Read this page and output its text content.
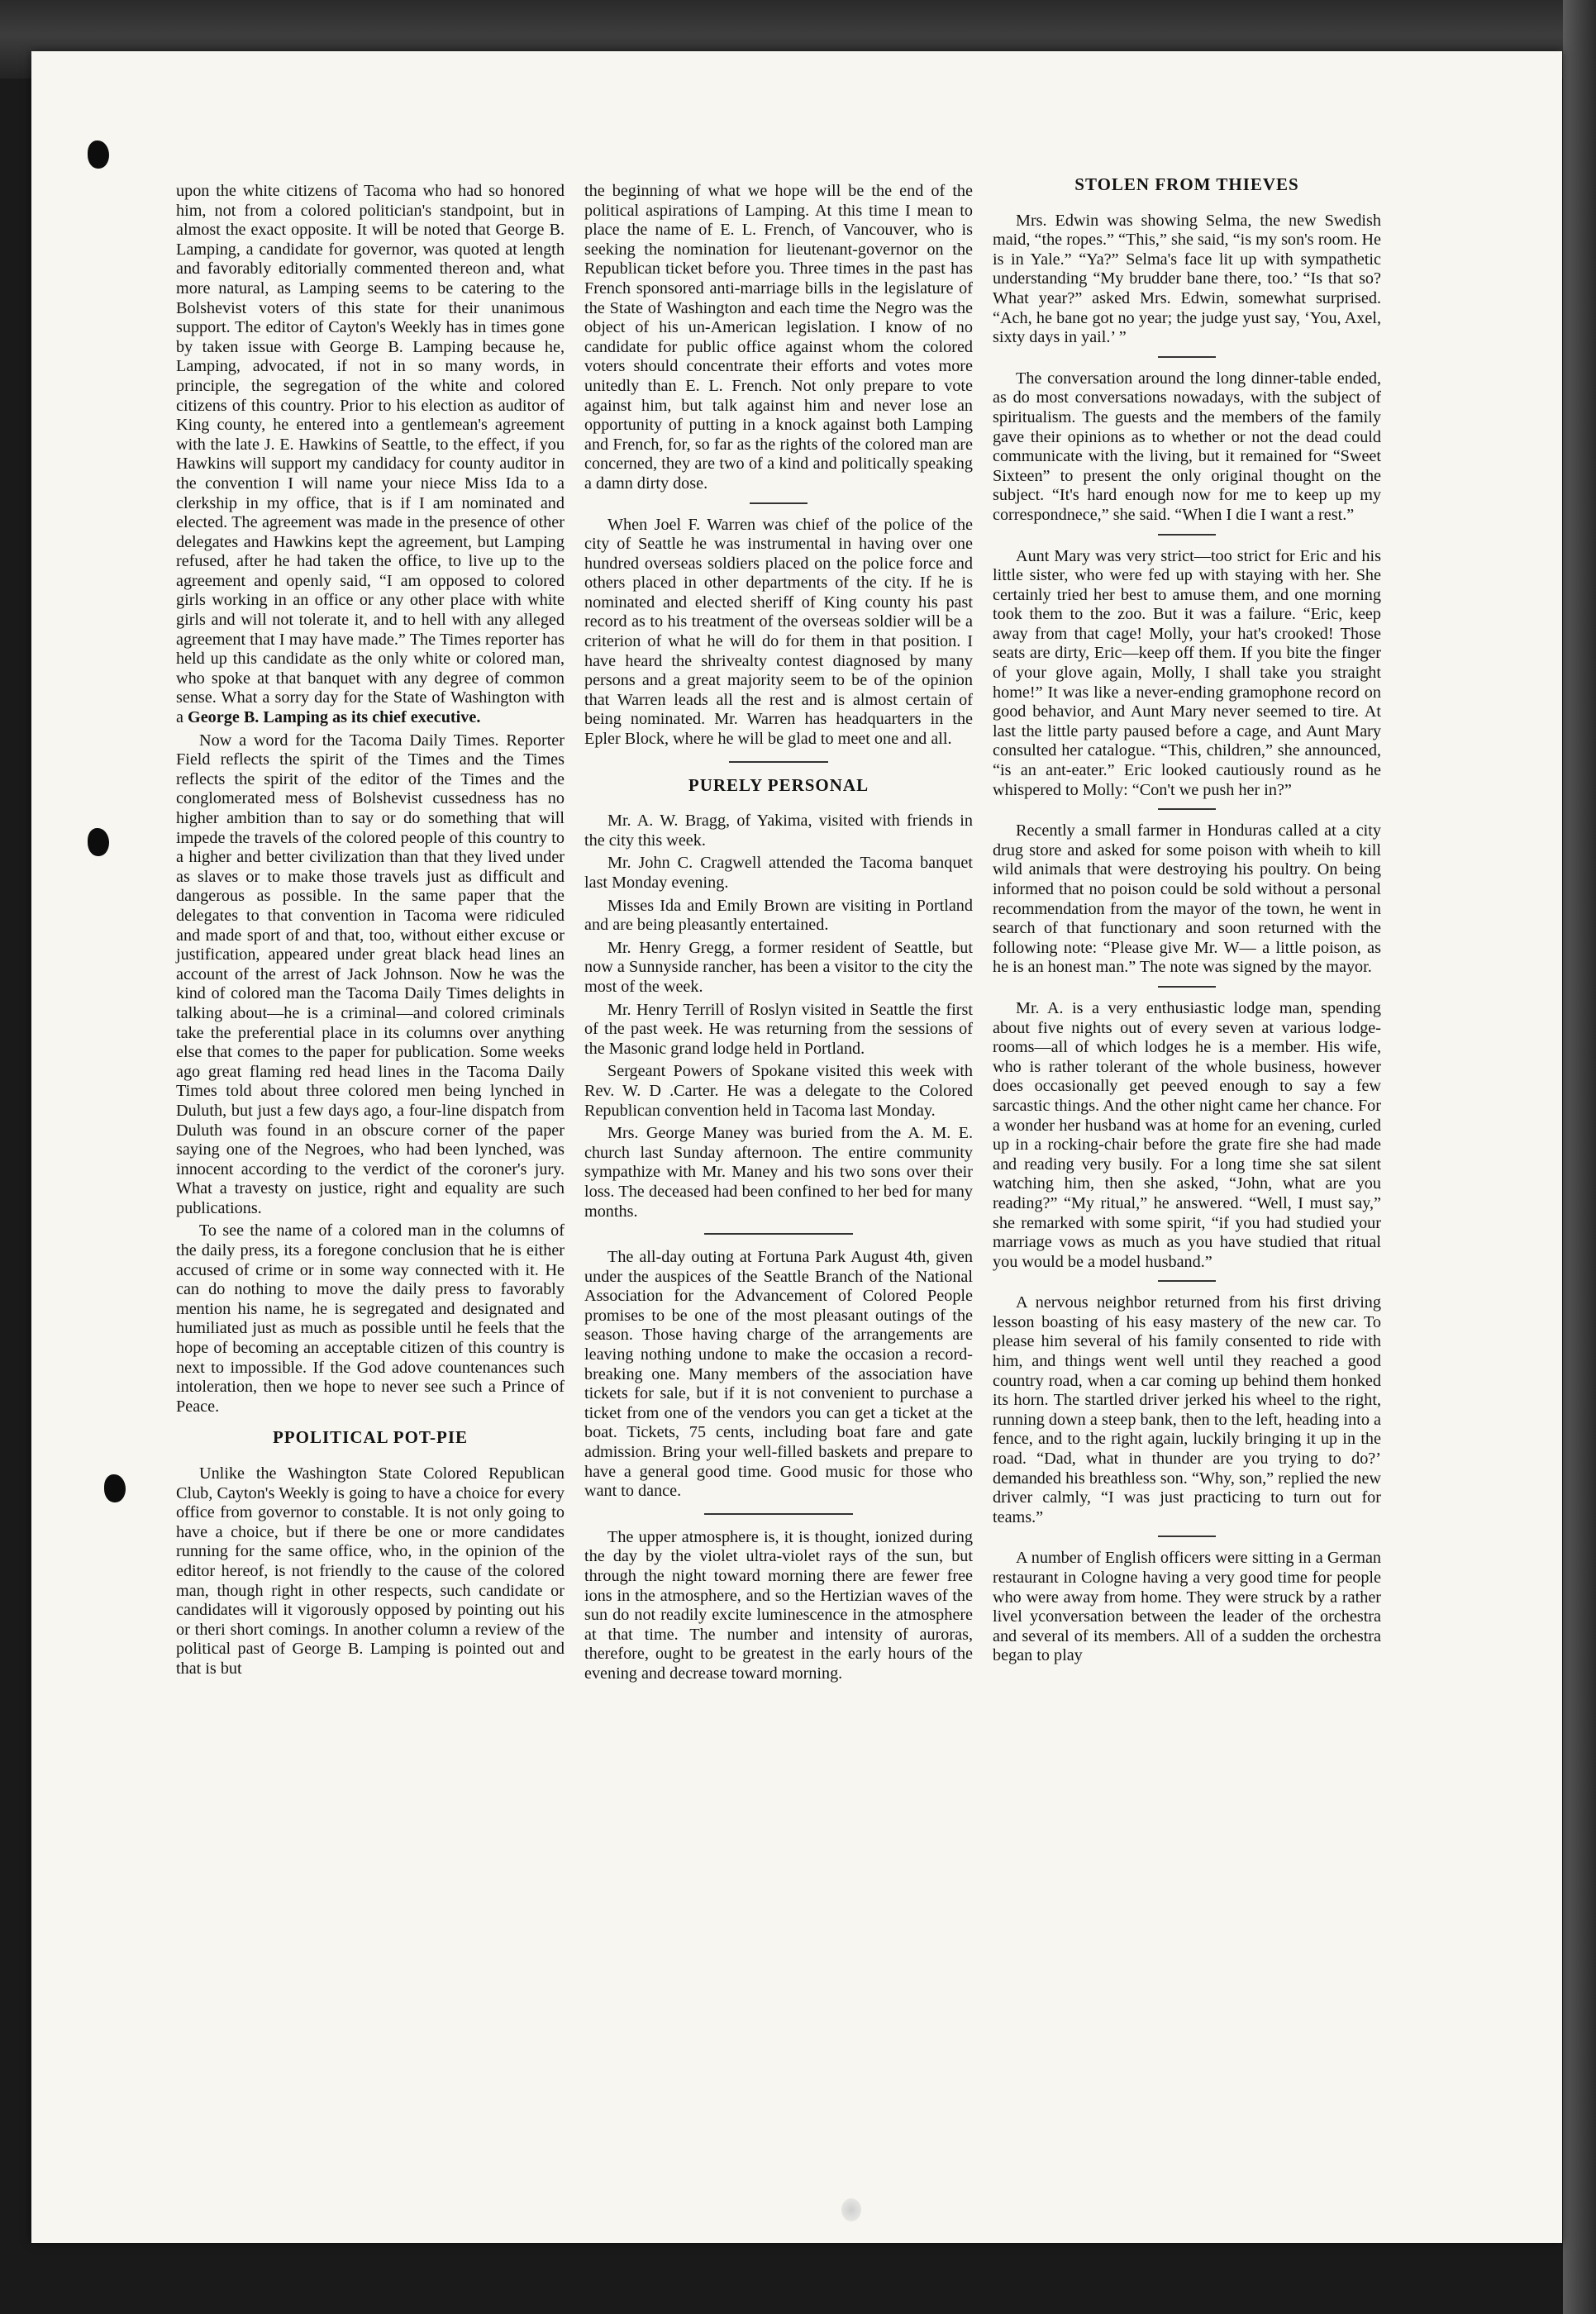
upon the white citizens of Tacoma who had so honored him, not from a colored politician's standpoint, but in almost the exact opposite. It will be noted that George B. Lamping, a candidate for governor, was quoted at length and favorably editorially commented thereon and, what more natural, as Lamping seems to be catering to the Bolshevist voters of this state for their unanimous support. The editor of Cayton's Weekly has in times gone by taken issue with George B. Lamping because he, Lamping, advocated, if not in so many words, in principle, the segregation of the white and colored citizens of this country. Prior to his election as auditor of King county, he entered into a gentlemean's agreement with the late J. E. Hawkins of Seattle, to the effect, if you Hawkins will support my candidacy for county auditor in the convention I will name your niece Miss Ida to a clerkship in my office, that is if I am nominated and elected. The agreement was made in the presence of other delegates and Hawkins kept the agreement, but Lamping refused, after he had taken the office, to live up to the agreement and openly said, “I am opposed to colored girls working in an office or any other place with white girls and will not tolerate it, and to hell with any alleged agreement that I may have made.” The Times reporter has held up this candidate as the only white or colored man, who spoke at that banquet with any degree of common sense. What a sorry day for the State of Washington with a George B. Lamping as its chief executive.

Now a word for the Tacoma Daily Times. Reporter Field reflects the spirit of the Times and the Times reflects the spirit of the editor of the Times and the conglomerated mess of Bolshevist cussedness has no higher ambition than to say or do something that will impede the travels of the colored people of this country to a higher and better civilization than that they lived under as slaves or to make those travels just as difficult and dangerous as possible. In the same paper that the delegates to that convention in Tacoma were ridiculed and made sport of and that, too, without either excuse or justification, appeared under great black head lines an account of the arrest of Jack Johnson. Now he was the kind of colored man the Tacoma Daily Times delights in talking about—he is a criminal—and colored criminals take the preferential place in its columns over anything else that comes to the paper for publication. Some weeks ago great flaming red head lines in the Tacoma Daily Times told about three colored men being lynched in Duluth, but just a few days ago, a four-line dispatch from Duluth was found in an obscure corner of the paper saying one of the Negroes, who had been lynched, was innocent according to the verdict of the coroner's jury. What a travesty on justice, right and equality are such publications.

To see the name of a colored man in the columns of the daily press, its a foregone conclusion that he is either accused of crime or in some way connected with it. He can do nothing to move the daily press to favorably mention his name, he is segregated and designated and humiliated just as much as possible until he feels that the hope of becoming an acceptable citizen of this country is next to impossible. If the God adove countenances such intoleration, then we hope to never see such a Prince of Peace.

PPOLITICAL POT-PIE

Unlike the Washington State Colored Republican Club, Cayton's Weekly is going to have a choice for every office from governor to constable. It is not only going to have a choice, but if there be one or more candidates running for the same office, who, in the opinion of the editor hereof, is not friendly to the cause of the colored man, though right in other respects, such candidate or candidates will it vigorously opposed by pointing out his or theri short comings. In another column a review of the political past of George B. Lamping is pointed out and that is but

the beginning of what we hope will be the end of the political aspirations of Lamping. At this time I mean to place the name of E. L. French, of Vancouver, who is seeking the nomination for lieutenant-governor on the Republican ticket before you. Three times in the past has French sponsored anti-marriage bills in the legislature of the State of Washington and each time the Negro was the object of his un-American legislation. I know of no candidate for public office against whom the colored voters should concentrate their efforts and votes more unitedly than E. L. French. Not only prepare to vote against him, but talk against him and never lose an opportunity of putting in a knock against both Lamping and French, for, so far as the rights of the colored man are concerned, they are two of a kind and politically speaking a damn dirty dose.

When Joel F. Warren was chief of the police of the city of Seattle he was instrumental in having over one hundred overseas soldiers placed on the police force and others placed in other departments of the city. If he is nominated and elected sheriff of King county his past record as to his treatment of the overseas soldier will be a criterion of what he will do for them in that position. I have heard the shrivealty contest diagnosed by many persons and a great majority seem to be of the opinion that Warren leads all the rest and is almost certain of being nominated. Mr. Warren has headquarters in the Epler Block, where he will be glad to meet one and all.

PURELY PERSONAL

Mr. A. W. Bragg, of Yakima, visited with friends in the city this week.

Mr. John C. Cragwell attended the Tacoma banquet last Monday evening.

Misses Ida and Emily Brown are visiting in Portland and are being pleasantly entertained.

Mr. Henry Gregg, a former resident of Seattle, but now a Sunnyside rancher, has been a visitor to the city the most of the week.

Mr. Henry Terrill of Roslyn visited in Seattle the first of the past week. He was returning from the sessions of the Masonic grand lodge held in Portland.

Sergeant Powers of Spokane visited this week with Rev. W. D .Carter. He was a delegate to the Colored Republican convention held in Tacoma last Monday.

Mrs. George Maney was buried from the A. M. E. church last Sunday afternoon. The entire community sympathize with Mr. Maney and his two sons over their loss. The deceased had been confined to her bed for many months.

The all-day outing at Fortuna Park August 4th, given under the auspices of the Seattle Branch of the National Association for the Advancement of Colored People promises to be one of the most pleasant outings of the season. Those having charge of the arrangements are leaving nothing undone to make the occasion a record-breaking one. Many members of the association have tickets for sale, but if it is not convenient to purchase a ticket from one of the vendors you can get a ticket at the boat. Tickets, 75 cents, including boat fare and gate admission. Bring your well-filled baskets and prepare to have a general good time. Good music for those who want to dance.

The upper atmosphere is, it is thought, ionized during the day by the violet ultra-violet rays of the sun, but through the night toward morning there are fewer free ions in the atmosphere, and so the Hertizian waves of the sun do not readily excite luminescence in the atmosphere at that time. The number and intensity of auroras, therefore, ought to be greatest in the early hours of the evening and decrease toward morning.

STOLEN FROM THIEVES

Mrs. Edwin was showing Selma, the new Swedish maid, “the ropes.” “This,” she said, “is my son's room. He is in Yale.” “Ya?” Selma's face lit up with sympathetic understanding “My brudder bane there, too.’ “Is that so? What year?” asked Mrs. Edwin, somewhat surprised. “Ach, he bane got no year; the judge yust say, ‘You, Axel, sixty days in yail.’ ”

The conversation around the long dinner-table ended, as do most conversations nowadays, with the subject of spiritualism. The guests and the members of the family gave their opinions as to whether or not the dead could communicate with the living, but it remained for “Sweet Sixteen” to present the only original thought on the subject. “It's hard enough now for me to keep up my correspondnece,” she said. “When I die I want a rest.”

Aunt Mary was very strict—too strict for Eric and his little sister, who were fed up with staying with her. She certainly tried her best to amuse them, and one morning took them to the zoo. But it was a failure. “Eric, keep away from that cage! Molly, your hat's crooked! Those seats are dirty, Eric—keep off them. If you bite the finger of your glove again, Molly, I shall take you straight home!” It was like a never-ending gramophone record on good behavior, and Aunt Mary never seemed to tire. At last the little party paused before a cage, and Aunt Mary consulted her catalogue. “This, children,” she announced, “is an ant-eater.” Eric looked cautiously round as he whispered to Molly: “Con't we push her in?”

Recently a small farmer in Honduras called at a city drug store and asked for some poison with wheih to kill wild animals that were destroying his poultry. On being informed that no poison could be sold without a personal recommendation from the mayor of the town, he went in search of that functionary and soon returned with the following note: “Please give Mr. W— a little poison, as he is an honest man.” The note was signed by the mayor.

Mr. A. is a very enthusiastic lodge man, spending about five nights out of every seven at various lodge-rooms—all of which lodges he is a member. His wife, who is rather tolerant of the whole business, however does occasionally get peeved enough to say a few sarcastic things. And the other night came her chance. For a wonder her husband was at home for an evening, curled up in a rocking-chair before the grate fire she had made and reading very busily. For a long time she sat silent watching him, then she asked, “John, what are you reading?” “My ritual,” he answered. “Well, I must say,” she remarked with some spirit, “if you had studied your marriage vows as much as you have studied that ritual you would be a model husband.”

A nervous neighbor returned from his first driving lesson boasting of his easy mastery of the new car. To please him several of his family consented to ride with him, and things went well until they reached a good country road, when a car coming up behind them honked its horn. The startled driver jerked his wheel to the right, running down a steep bank, then to the left, heading into a fence, and to the right again, luckily bringing it up in the road. “Dad, what in thunder are you trying to do?’ demanded his breathless son. “Why, son,” replied the new driver calmly, “I was just practicing to turn out for teams.”

A number of English officers were sitting in a German restaurant in Cologne having a very good time for people who were away from home. They were struck by a rather livel yconversation between the leader of the orchestra and several of its members. All of a sudden the orchestra began to play
